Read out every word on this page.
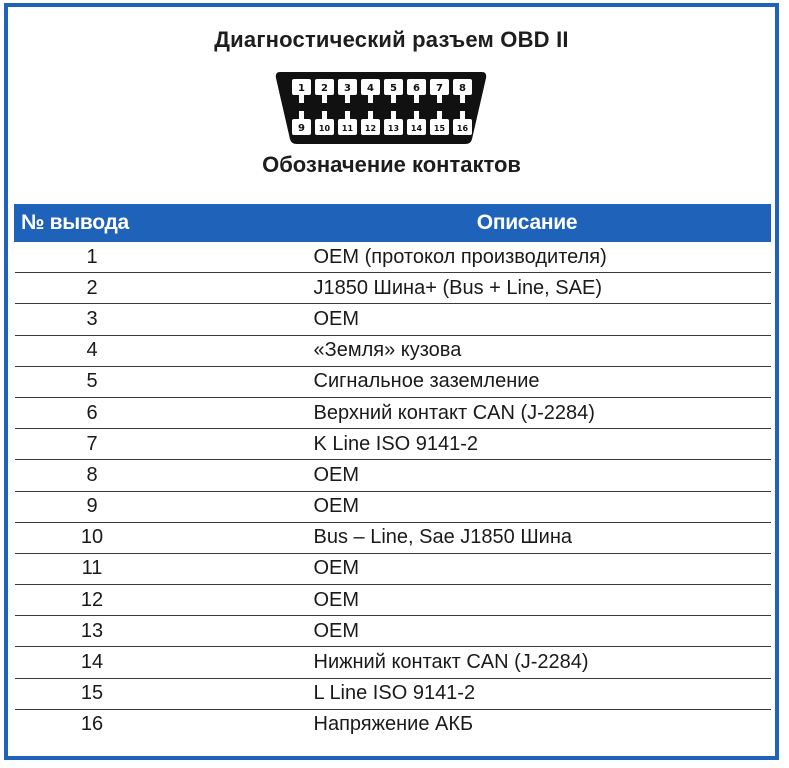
Диагностический разъем OBD II
1 2 3 4 5 6 7 8
9 10 11 12 13 14 15 16
Обозначение контактов
№ вывода	Описание
1	OEM (протокол производителя)
2	J1850 Шина+ (Bus + Line, SAE)
3	OEM
4	«Земля» кузова
5	Сигнальное заземление
6	Верхний контакт CAN (J-2284)
7	K Line ISO 9141-2
8	OEM
9	OEM
10	Bus – Line, Sae J1850 Шина
11	OEM
12	OEM
13	OEM
14	Нижний контакт CAN (J-2284)
15	L Line ISO 9141-2
16	Напряжение АКБ
